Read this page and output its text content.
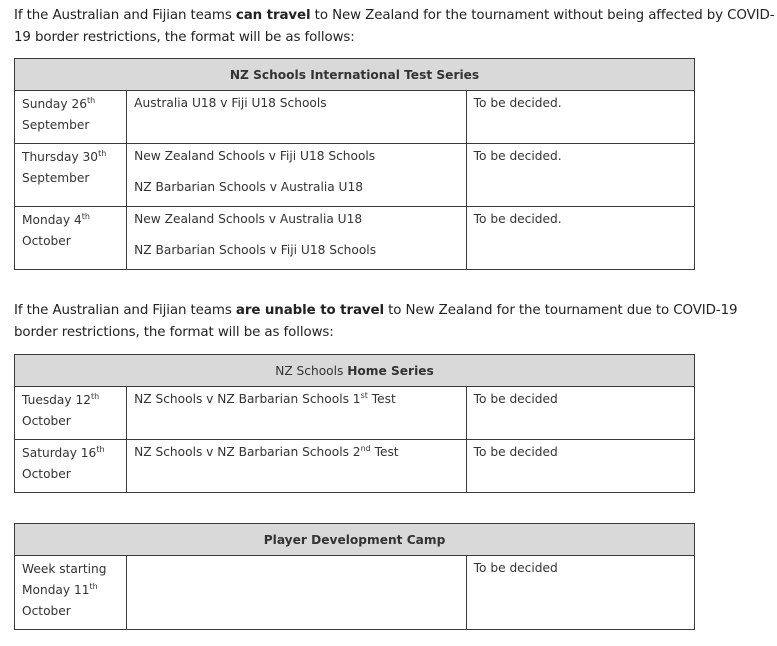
If the Australian and Fijian teams can travel to New Zealand for the tournament without being affected by COVID-19 border restrictions, the format will be as follows:

NZ Schools International Test Series		
Sunday 26th
September	Australia U18 v Fiji U18 Schools	To be decided.
Thursday 30th
September	New Zealand Schools v Fiji U18 Schools
NZ Barbarian Schools v Australia U18	To be decided.
Monday 4th
October	New Zealand Schools v Australia U18
NZ Barbarian Schools v Fiji U18 Schools	To be decided.

If the Australian and Fijian teams are unable to travel to New Zealand for the tournament due to COVID-19 border restrictions, the format will be as follows:

NZ Schools Home Series		
Tuesday 12th
October	NZ Schools v NZ Barbarian Schools 1st Test	To be decided
Saturday 16th
October	NZ Schools v NZ Barbarian Schools 2nd Test	To be decided
Player Development Camp
Week starting
Monday 11th
October		To be decided
